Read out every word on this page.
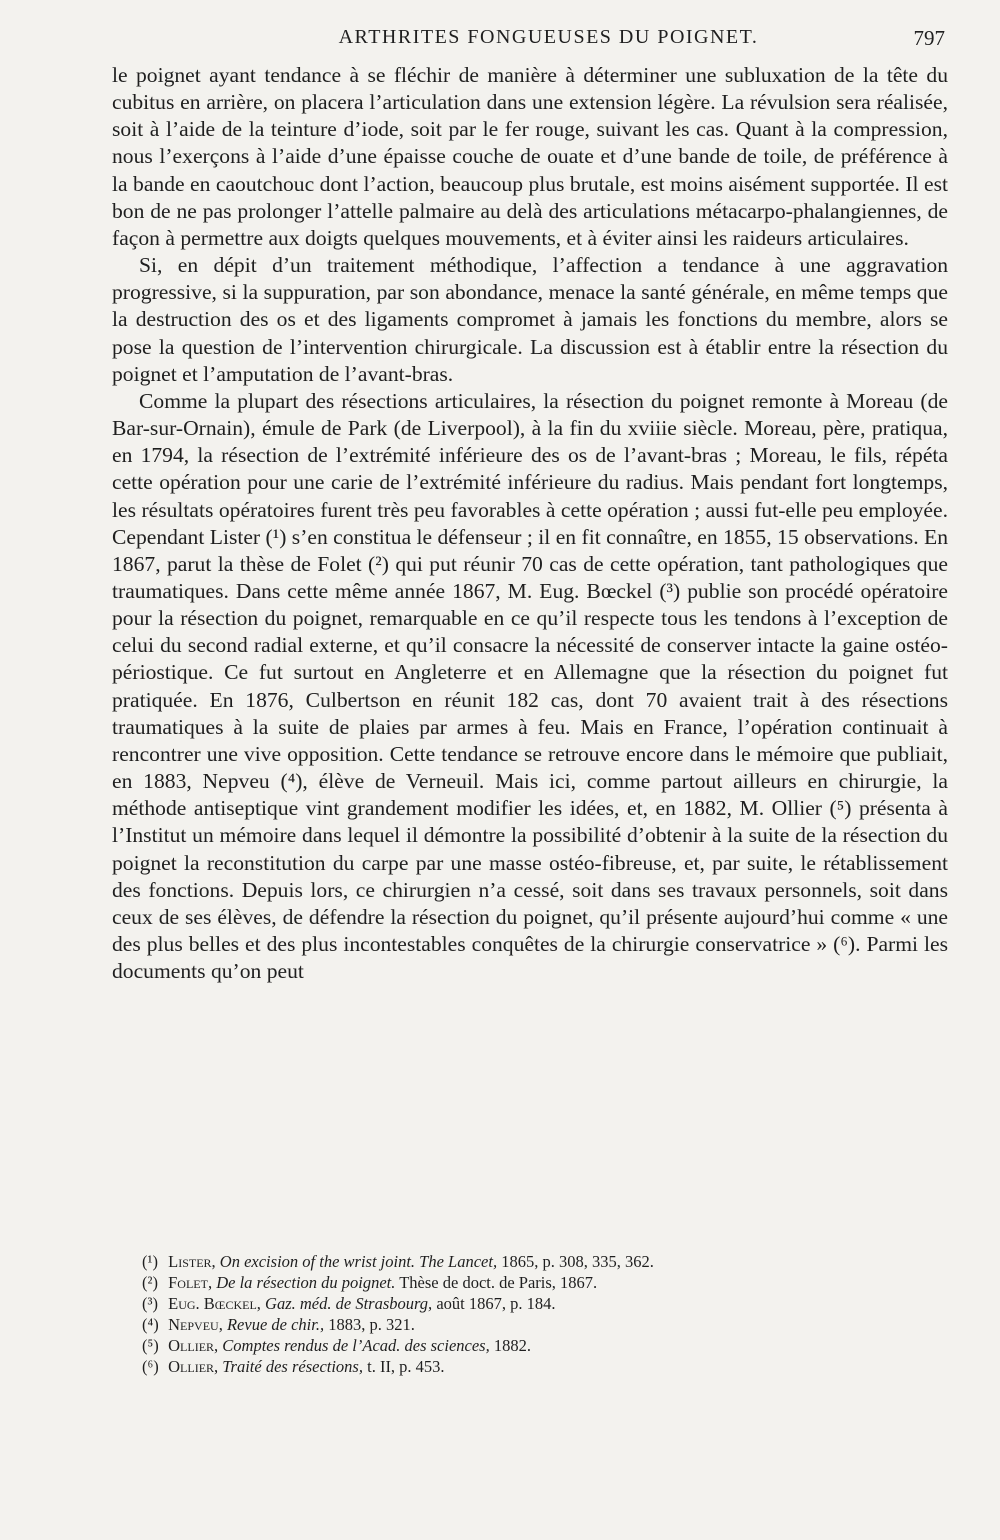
ARTHRITES FONGUEUSES DU POIGNET.	797

le poignet ayant tendance à se fléchir de manière à déterminer une subluxation de la tête du cubitus en arrière, on placera l’articulation dans une extension légère. La révulsion sera réalisée, soit à l’aide de la teinture d’iode, soit par le fer rouge, suivant les cas. Quant à la compression, nous l’exerçons à l’aide d’une épaisse couche de ouate et d’une bande de toile, de préférence à la bande en caoutchouc dont l’action, beaucoup plus brutale, est moins aisément supportée. Il est bon de ne pas prolonger l’attelle palmaire au delà des articulations métacarpo-phalangiennes, de façon à permettre aux doigts quelques mouvements, et à éviter ainsi les raideurs articulaires.

Si, en dépit d’un traitement méthodique, l’affection a tendance à une aggravation progressive, si la suppuration, par son abondance, menace la santé générale, en même temps que la destruction des os et des ligaments compromet à jamais les fonctions du membre, alors se pose la question de l’intervention chirurgicale. La discussion est à établir entre la résection du poignet et l’amputation de l’avant-bras.

Comme la plupart des résections articulaires, la résection du poignet remonte à Moreau (de Bar-sur-Ornain), émule de Park (de Liverpool), à la fin du xviiie siècle. Moreau, père, pratiqua, en 1794, la résection de l’extrémité inférieure des os de l’avant-bras ; Moreau, le fils, répéta cette opération pour une carie de l’extrémité inférieure du radius. Mais pendant fort longtemps, les résultats opératoires furent très peu favorables à cette opération ; aussi fut-elle peu employée. Cependant Lister (¹) s’en constitua le défenseur ; il en fit connaître, en 1855, 15 observations. En 1867, parut la thèse de Folet (²) qui put réunir 70 cas de cette opération, tant pathologiques que traumatiques. Dans cette même année 1867, M. Eug. Bœckel (³) publie son procédé opératoire pour la résection du poignet, remarquable en ce qu’il respecte tous les tendons à l’exception de celui du second radial externe, et qu’il consacre la nécessité de conserver intacte la gaine ostéo-périostique. Ce fut surtout en Angleterre et en Allemagne que la résection du poignet fut pratiquée. En 1876, Culbertson en réunit 182 cas, dont 70 avaient trait à des résections traumatiques à la suite de plaies par armes à feu. Mais en France, l’opération continuait à rencontrer une vive opposition. Cette tendance se retrouve encore dans le mémoire que publiait, en 1883, Nepveu (⁴), élève de Verneuil. Mais ici, comme partout ailleurs en chirurgie, la méthode antiseptique vint grandement modifier les idées, et, en 1882, M. Ollier (⁵) présenta à l’Institut un mémoire dans lequel il démontre la possibilité d’obtenir à la suite de la résection du poignet la reconstitution du carpe par une masse ostéo-fibreuse, et, par suite, le rétablissement des fonctions. Depuis lors, ce chirurgien n’a cessé, soit dans ses travaux personnels, soit dans ceux de ses élèves, de défendre la résection du poignet, qu’il présente aujourd’hui comme « une des plus belles et des plus incontestables conquêtes de la chirurgie conservatrice » (⁶). Parmi les documents qu’on peut

(¹) Lister, On excision of the wrist joint. The Lancet, 1865, p. 308, 335, 362.
(²) Folet, De la résection du poignet. Thèse de doct. de Paris, 1867.
(³) Eug. Bœckel, Gaz. méd. de Strasbourg, août 1867, p. 184.
(⁴) Nepveu, Revue de chir., 1883, p. 321.
(⁵) Ollier, Comptes rendus de l’Acad. des sciences, 1882.
(⁶) Ollier, Traité des résections, t. II, p. 453.
